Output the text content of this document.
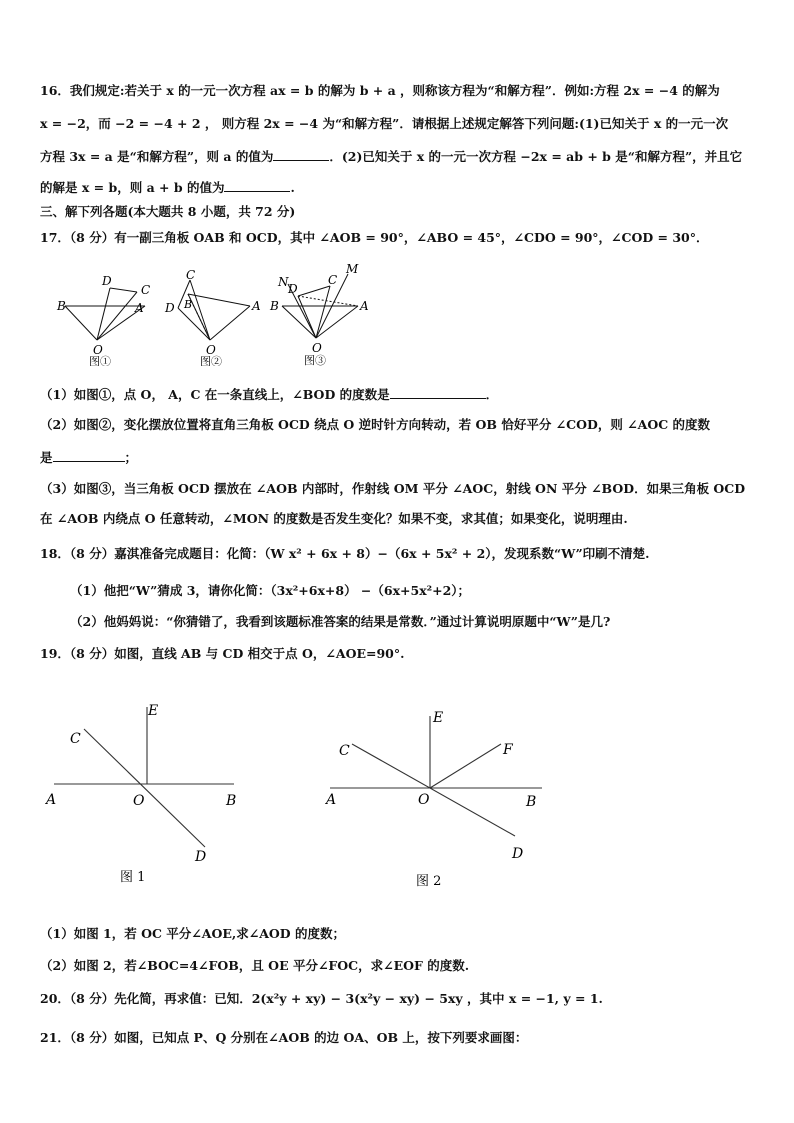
16．我们规定:若关于 x 的一元一次方程 ax = b 的解为 b + a ，则称该方程为“和解方程”．例如:方程 2x = −4 的解为
x = −2，而 −2 = −4 + 2 ， 则方程 2x = −4 为“和解方程”．请根据上述规定解答下列问题:(1)已知关于 x 的一元一次
方程 3x = a 是“和解方程”，则 a 的值为	．(2)已知关于 x 的一元一次方程 −2x = ab + b 是“和解方程”，并且它
的解是 x = b，则 a + b 的值为	.
三、解下列各题(本大题共 8 小题，共 72 分)
17．（8 分）有一副三角板 OAB 和 OCD，其中 ∠AOB = 90°，∠ABO = 45°，∠CDO = 90°，∠COD = 30°．
B
D
C
A
O
图①
C
D B	A
O
图②
N D
C
M
B	A
O
图③
（1）如图①，点 O， A，C 在一条直线上，∠BOD 的度数是	．
（2）如图②，变化摆放位置将直角三角板 OCD 绕点 O 逆时针方向转动，若 OB 恰好平分 ∠COD，则 ∠AOC 的度数
是	；
（3）如图③，当三角板 OCD 摆放在 ∠AOB 内部时，作射线 OM 平分 ∠AOC，射线 ON 平分 ∠BOD．如果三角板 OCD
在 ∠AOB 内绕点 O 任意转动，∠MON 的度数是否发生变化？如果不变，求其值；如果变化，说明理由.
18．（8 分）嘉淇准备完成题目：化简：（W x² + 6x + 8）−（6x + 5x² + 2），发现系数“W”印刷不清楚.
（1）他把“W”猜成 3，请你化简：（3x²+6x+8） −（6x+5x²+2）；
（2）他妈妈说：“你猜错了，我看到该题标准答案的结果是常数．”通过计算说明原题中“W”是几?
19．（8 分）如图，直线 AB 与 CD 相交于点 O，∠AOE=90°.
E
C
A	O	B
D
图 1
E
C	F
A	O	B
D
图 2
（1）如图 1，若 OC 平分∠AOE,求∠AOD 的度数；
（2）如图 2，若∠BOC=4∠FOB，且 OE 平分∠FOC，求∠EOF 的度数.
20．（8 分）先化简，再求值：已知．2(x²y + xy) − 3(x²y − xy) − 5xy ，其中 x = −1, y = 1.
21．（8 分）如图，已知点 P、Q 分别在∠AOB 的边 OA、OB 上，按下列要求画图：
